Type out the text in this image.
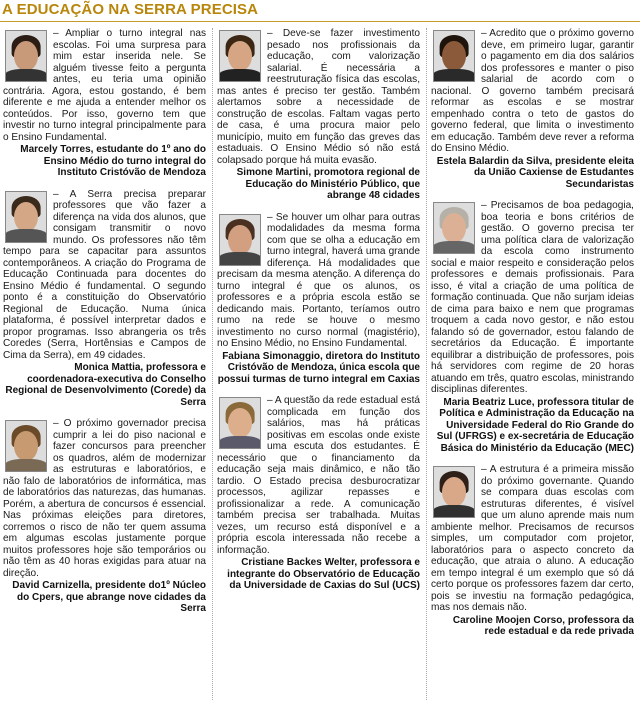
A EDUCAÇÃO NA SERRA PRECISA
– Ampliar o turno integral nas escolas. Foi uma surpresa para mim estar inserida nele. Se alguém tivesse feito a pergunta antes, eu teria uma opinião contrária. Agora, estou gostando, é bem diferente e me ajuda a entender melhor os conteúdos. Por isso, governo tem que investir no turno integral principalmente para o Ensino Fundamental.
Marcely Torres, estudante do 1º ano do Ensino Médio do turno integral do Instituto Cristóvão de Mendoza
– A Serra precisa preparar professores que vão fazer a diferença na vida dos alunos, que consigam transmitir o novo mundo. Os professores não têm tempo para se capacitar para assuntos contemporâneos. A criação do Programa de Educação Continuada para docentes do Ensino Médio é fundamental. O segundo ponto é a constituição do Observatório Regional de Educação. Numa única plataforma, é possível interpretar dados e propor programas. Isso abrangeria os três Coredes (Serra, Hortênsias e Campos de Cima da Serra), em 49 cidades.
Monica Mattia, professora e coordenadora-executiva do Conselho Regional de Desenvolvimento (Corede) da Serra
– O próximo governador precisa cumprir a lei do piso nacional e fazer concursos para preencher os quadros, além de modernizar as estruturas e laboratórios, e não falo de laboratórios de informática, mas de laboratórios das naturezas, das humanas. Porém, a abertura de concursos é essencial. Nas próximas eleições para diretores, corremos o risco de não ter quem assuma em algumas escolas justamente porque muitos professores hoje são temporários ou não têm as 40 horas exigidas para atuar na direção.
David Carnizella, presidente do1º Núcleo do Cpers, que abrange nove cidades da Serra
– Deve-se fazer investimento pesado nos profissionais da educação, com valorização salarial. É necessária a reestruturação física das escolas, mas antes é preciso ter gestão. Também alertamos sobre a necessidade de construção de escolas. Faltam vagas perto de casa, é uma procura maior pelo município, muito em função das greves das estaduais. O Ensino Médio só não está colapsado porque há muita evasão.
Simone Martini, promotora regional de Educação do Ministério Público, que abrange 48 cidades
– Se houver um olhar para outras modalidades da mesma forma com que se olha a educação em turno integral, haverá uma grande diferença. Há modalidades que precisam da mesma atenção. A diferença do turno integral é que os alunos, os professores e a própria escola estão se dedicando mais. Portanto, teríamos outro rumo na rede se houve o mesmo investimento no curso normal (magistério), no Ensino Médio, no Ensino Fundamental.
Fabiana Simonaggio, diretora do Instituto Cristóvão de Mendoza, única escola que possui turmas de turno integral em Caxias
– A questão da rede estadual está complicada em função dos salários, mas há práticas positivas em escolas onde existe uma escuta dos estudantes. É necessário que o financiamento da educação seja mais dinâmico, e não tão tardio. O Estado precisa desburocratizar processos, agilizar repasses e profissionalizar a rede. A comunicação também precisa ser trabalhada. Muitas vezes, um recurso está disponível e a própria escola interessada não recebe a informação.
Cristiane Backes Welter, professora e integrante do Observatório de Educação da Universidade de Caxias do Sul (UCS)
– Acredito que o próximo governo deve, em primeiro lugar, garantir o pagamento em dia dos salários dos professores e manter o piso salarial de acordo com o nacional. O governo também precisará reformar as escolas e se mostrar empenhado contra o teto de gastos do governo federal, que limita o investimento em educação. Também deve rever a reforma do Ensino Médio.
Estela Balardin da Silva, presidente eleita da União Caxiense de Estudantes Secundaristas
– Precisamos de boa pedagogia, boa teoria e bons critérios de gestão. O governo precisa ter uma política clara de valorização da escola como instrumento social e maior respeito e consideração pelos professores e demais profissionais. Para isso, é vital a criação de uma política de formação continuada. Que não surjam ideias de cima para baixo e nem que programas troquem a cada novo gestor, e não estou falando só de governador, estou falando de secretários da Educação. É importante equilibrar a distribuição de professores, pois há servidores com regime de 20 horas atuando em três, quatro escolas, ministrando disciplinas diferentes.
Maria Beatriz Luce, professora titular de Política e Administração da Educação na Universidade Federal do Rio Grande do Sul (UFRGS) e ex-secretária de Educação Básica do Ministério da Educação (MEC)
– A estrutura é a primeira missão do próximo governante. Quando se compara duas escolas com estruturas diferentes, é visível que um aluno aprende mais num ambiente melhor. Precisamos de recursos simples, um computador com projetor, laboratórios para o aspecto concreto da educação, que atraia o aluno. A educação em tempo integral é um exemplo que só dá certo porque os professores fazem dar certo, pois se investiu na formação pedagógica, mas nos demais não.
Caroline Moojen Corso, professora da rede estadual e da rede privada
